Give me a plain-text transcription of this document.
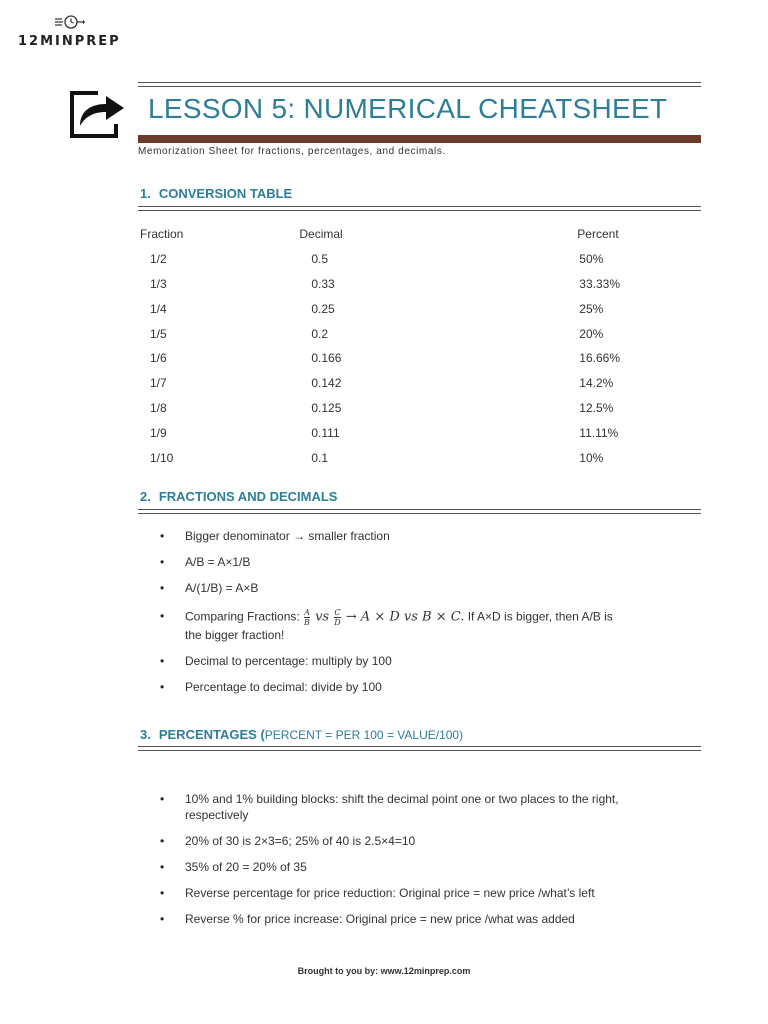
12MINPREP
LESSON 5: NUMERICAL CHEATSHEET
Memorization Sheet for fractions, percentages, and decimals.
1. CONVERSION TABLE
Fraction	Decimal	Percent
1/2	0.5	50%
1/3	0.33	33.33%
1/4	0.25	25%
1/5	0.2	20%
1/6	0.166	16.66%
1/7	0.142	14.2%
1/8	0.125	12.5%
1/9	0.111	11.11%
1/10	0.1	10%
2. FRACTIONS AND DECIMALS
• Bigger denominator → smaller fraction
• A/B = A×1/B
• A/(1/B) = A×B
• Comparing Fractions: $\frac{A}{B}$ vs $\frac{C}{D} \to A \times D$ vs B × C. If A×D is bigger, then A/B is the bigger fraction!
• Decimal to percentage: multiply by 100
• Percentage to decimal: divide by 100
3. PERCENTAGES (PERCENT = PER 100 = VALUE/100)
• 10% and 1% building blocks: shift the decimal point one or two places to the right, respectively
• 20% of 30 is 2×3=6; 25% of 40 is 2.5×4=10
• 35% of 20 = 20% of 35
• Reverse percentage for price reduction: Original price = new price /what’s left
• Reverse % for price increase: Original price = new price /what was added
Brought to you by: www.12minprep.com
